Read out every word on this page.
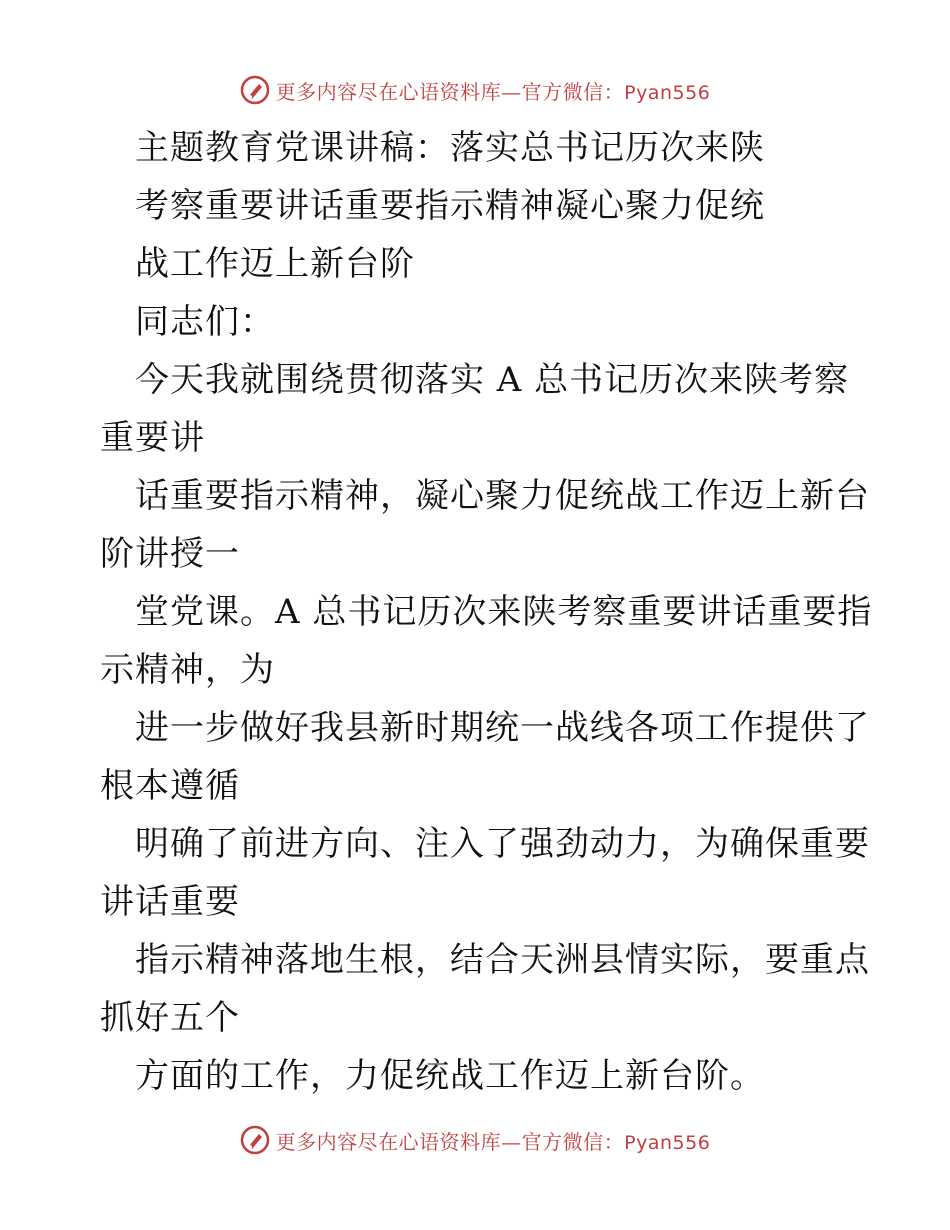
更多内容尽在心语资料库—官方微信：Pyan556
主题教育党课讲稿：落实总书记历次来陕
考察重要讲话重要指示精神凝心聚力促统
战工作迈上新台阶
同志们：
今天我就围绕贯彻落实 A 总书记历次来陕考察
重要讲
话重要指示精神，凝心聚力促统战工作迈上新台
阶讲授一
堂党课。A 总书记历次来陕考察重要讲话重要指
示精神，为
进一步做好我县新时期统一战线各项工作提供了
根本遵循
明确了前进方向、注入了强劲动力，为确保重要
讲话重要
指示精神落地生根，结合天洲县情实际，要重点
抓好五个
方面的工作，力促统战工作迈上新台阶。
更多内容尽在心语资料库—官方微信：Pyan556
